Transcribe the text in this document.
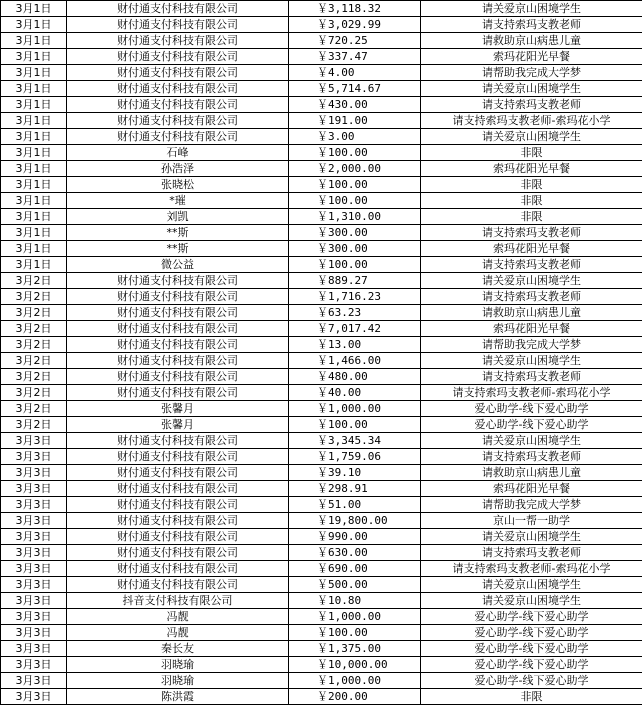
3月1日	财付通支付科技有限公司	￥3,118.32	请关爱京山困境学生
3月1日	财付通支付科技有限公司	￥3,029.99	请支持索玛支教老师
3月1日	财付通支付科技有限公司	￥720.25	请救助京山病患儿童
3月1日	财付通支付科技有限公司	￥337.47	索玛花阳光早餐
3月1日	财付通支付科技有限公司	￥4.00	请帮助我完成大学梦
3月1日	财付通支付科技有限公司	￥5,714.67	请关爱京山困境学生
3月1日	财付通支付科技有限公司	￥430.00	请支持索玛支教老师
3月1日	财付通支付科技有限公司	￥191.00	请支持索玛支教老师-索玛花小学
3月1日	财付通支付科技有限公司	￥3.00	请关爱京山困境学生
3月1日	石峰	￥100.00	非限
3月1日	孙浩泽	￥2,000.00	索玛花阳光早餐
3月1日	张晓松	￥100.00	非限
3月1日	*璀	￥100.00	非限
3月1日	刘凯	￥1,310.00	非限
3月1日	**斯	￥300.00	请支持索玛支教老师
3月1日	**斯	￥300.00	索玛花阳光早餐
3月1日	微公益	￥100.00	请支持索玛支教老师
3月2日	财付通支付科技有限公司	￥889.27	请关爱京山困境学生
3月2日	财付通支付科技有限公司	￥1,716.23	请支持索玛支教老师
3月2日	财付通支付科技有限公司	￥63.23	请救助京山病患儿童
3月2日	财付通支付科技有限公司	￥7,017.42	索玛花阳光早餐
3月2日	财付通支付科技有限公司	￥13.00	请帮助我完成大学梦
3月2日	财付通支付科技有限公司	￥1,466.00	请关爱京山困境学生
3月2日	财付通支付科技有限公司	￥480.00	请支持索玛支教老师
3月2日	财付通支付科技有限公司	￥40.00	请支持索玛支教老师-索玛花小学
3月2日	张馨月	￥1,000.00	爱心助学-线下爱心助学
3月2日	张馨月	￥100.00	爱心助学-线下爱心助学
3月3日	财付通支付科技有限公司	￥3,345.34	请关爱京山困境学生
3月3日	财付通支付科技有限公司	￥1,759.06	请支持索玛支教老师
3月3日	财付通支付科技有限公司	￥39.10	请救助京山病患儿童
3月3日	财付通支付科技有限公司	￥298.91	索玛花阳光早餐
3月3日	财付通支付科技有限公司	￥51.00	请帮助我完成大学梦
3月3日	财付通支付科技有限公司	￥19,800.00	京山一帮一助学
3月3日	财付通支付科技有限公司	￥990.00	请关爱京山困境学生
3月3日	财付通支付科技有限公司	￥630.00	请支持索玛支教老师
3月3日	财付通支付科技有限公司	￥690.00	请支持索玛支教老师-索玛花小学
3月3日	财付通支付科技有限公司	￥500.00	请关爱京山困境学生
3月3日	抖音支付科技有限公司	￥10.80	请关爱京山困境学生
3月3日	冯靓	￥1,000.00	爱心助学-线下爱心助学
3月3日	冯靓	￥100.00	爱心助学-线下爱心助学
3月3日	秦长友	￥1,375.00	爱心助学-线下爱心助学
3月3日	羽晓瑜	￥10,000.00	爱心助学-线下爱心助学
3月3日	羽晓瑜	￥1,000.00	爱心助学-线下爱心助学
3月3日	陈洪霞	￥200.00	非限
